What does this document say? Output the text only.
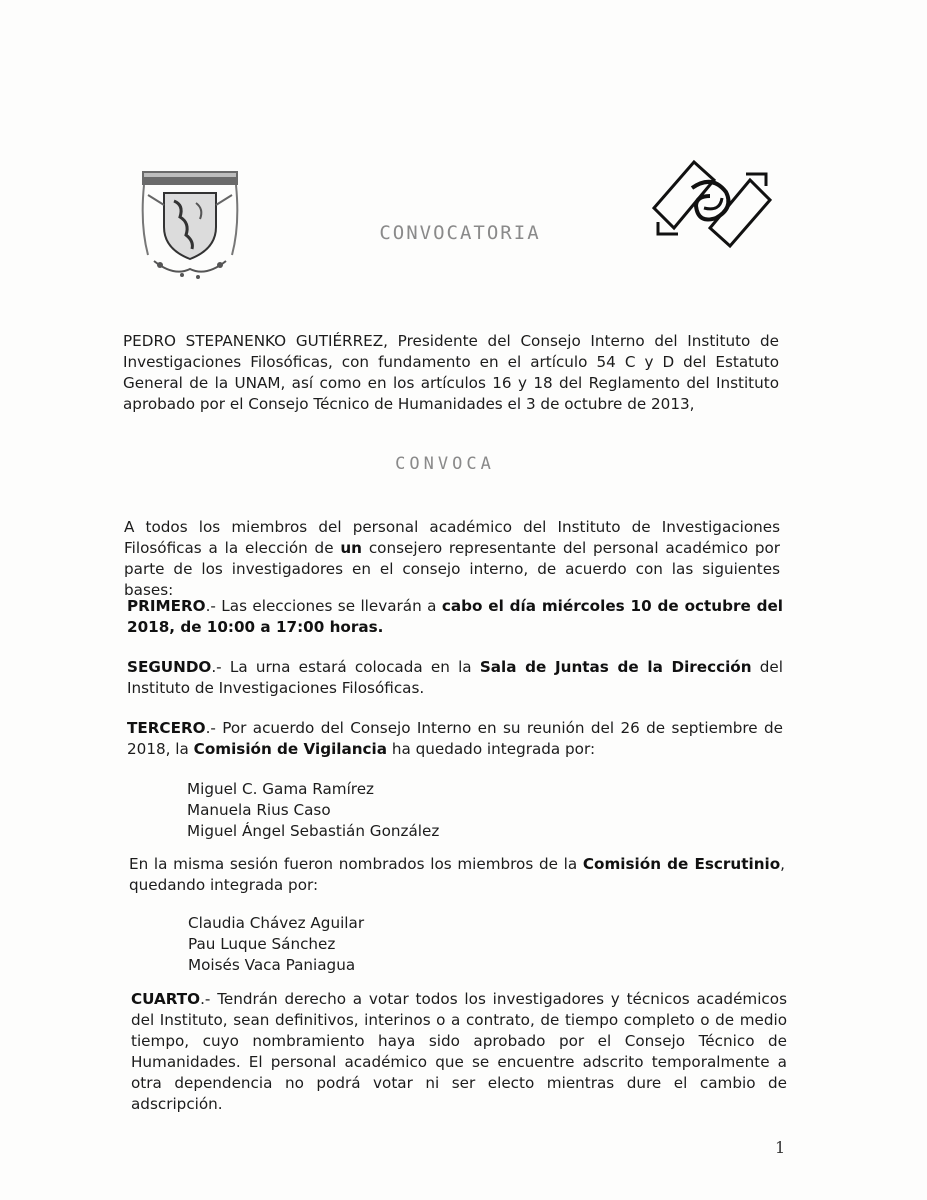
CONVOCATORIA
PEDRO STEPANENKO GUTIÉRREZ, Presidente del Consejo Interno del Instituto de Investigaciones Filosóficas, con fundamento en el artículo 54 C y D del Estatuto General de la UNAM, así como en los artículos 16 y 18 del Reglamento del Instituto aprobado por el Consejo Técnico de Humanidades el 3 de octubre de 2013,
CONVOCA
A todos los miembros del personal académico del Instituto de Investigaciones Filosóficas a la elección de un consejero representante del personal académico por parte de los investigadores en el consejo interno, de acuerdo con las siguientes bases:
PRIMERO.- Las elecciones se llevarán a cabo el día miércoles 10 de octubre del 2018, de 10:00 a 17:00 horas.
SEGUNDO.- La urna estará colocada en la Sala de Juntas de la Dirección del Instituto de Investigaciones Filosóficas.
TERCERO.- Por acuerdo del Consejo Interno en su reunión del 26 de septiembre de 2018, la Comisión de Vigilancia ha quedado integrada por:
Miguel C. Gama Ramírez
Manuela Rius Caso
Miguel Ángel Sebastián González
En la misma sesión fueron nombrados los miembros de la Comisión de Escrutinio, quedando integrada por:
Claudia Chávez Aguilar
Pau Luque Sánchez
Moisés Vaca Paniagua
CUARTO.- Tendrán derecho a votar todos los investigadores y técnicos académicos del Instituto, sean definitivos, interinos o a contrato, de tiempo completo o de medio tiempo, cuyo nombramiento haya sido aprobado por el Consejo Técnico de Humanidades. El personal académico que se encuentre adscrito temporalmente a otra dependencia no podrá votar ni ser electo mientras dure el cambio de adscripción.
1
